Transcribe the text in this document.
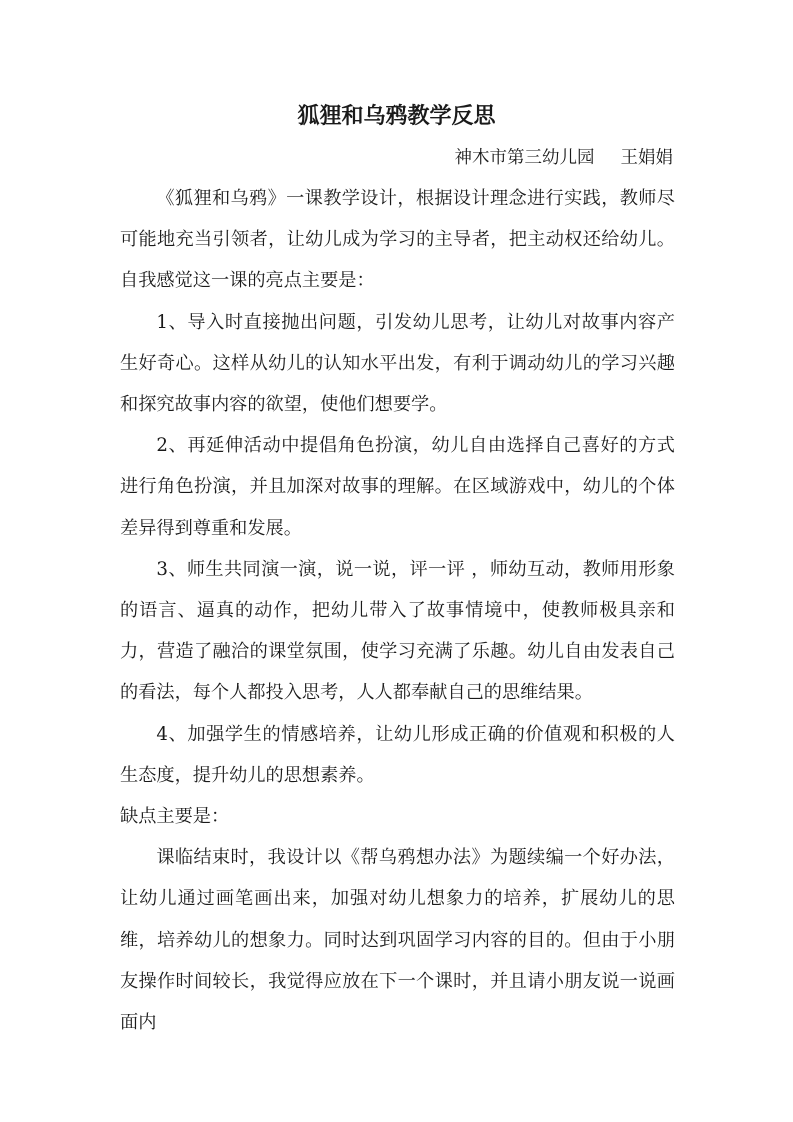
狐狸和乌鸦教学反思
神木市第三幼儿园 王娟娟

《狐狸和乌鸦》一课教学设计，根据设计理念进行实践，教师尽可能地充当引领者，让幼儿成为学习的主导者，把主动权还给幼儿。自我感觉这一课的亮点主要是：

1、导入时直接抛出问题，引发幼儿思考，让幼儿对故事内容产生好奇心。这样从幼儿的认知水平出发，有利于调动幼儿的学习兴趣和探究故事内容的欲望，使他们想要学。

2、再延伸活动中提倡角色扮演，幼儿自由选择自己喜好的方式进行角色扮演，并且加深对故事的理解。在区域游戏中，幼儿的个体差异得到尊重和发展。

3、师生共同演一演，说一说，评一评 ，师幼互动，教师用形象的语言、逼真的动作，把幼儿带入了故事情境中，使教师极具亲和力，营造了融洽的课堂氛围，使学习充满了乐趣。幼儿自由发表自己的看法，每个人都投入思考，人人都奉献自己的思维结果。

4、加强学生的情感培养，让幼儿形成正确的价值观和积极的人生态度，提升幼儿的思想素养。

缺点主要是：

课临结束时，我设计以《帮乌鸦想办法》为题续编一个好办法，让幼儿通过画笔画出来，加强对幼儿想象力的培养，扩展幼儿的思维，培养幼儿的想象力。同时达到巩固学习内容的目的。但由于小朋友操作时间较长，我觉得应放在下一个课时，并且请小朋友说一说画面内
